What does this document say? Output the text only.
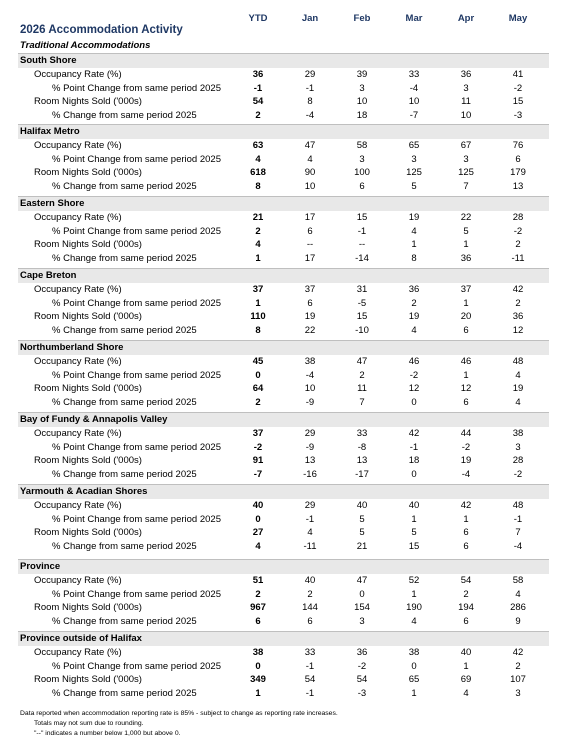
2026 Accommodation Activity
Traditional Accommodations
YTD	Jan	Feb	Mar	Apr	May
South Shore
Occupancy Rate (%)	36	29	39	33	36	41
% Point Change from same period 2025	-1	-1	3	-4	3	-2
Room Nights Sold ('000s)	54	8	10	10	11	15
% Change from same period 2025	2	-4	18	-7	10	-3
Halifax Metro
Occupancy Rate (%)	63	47	58	65	67	76
% Point Change from same period 2025	4	4	3	3	3	6
Room Nights Sold ('000s)	618	90	100	125	125	179
% Change from same period 2025	8	10	6	5	7	13
Eastern Shore
Occupancy Rate (%)	21	17	15	19	22	28
% Point Change from same period 2025	2	6	-1	4	5	-2
Room Nights Sold ('000s)	4	--	--	1	1	2
% Change from same period 2025	1	17	-14	8	36	-11
Cape Breton
Occupancy Rate (%)	37	37	31	36	37	42
% Point Change from same period 2025	1	6	-5	2	1	2
Room Nights Sold ('000s)	110	19	15	19	20	36
% Change from same period 2025	8	22	-10	4	6	12
Northumberland Shore
Occupancy Rate (%)	45	38	47	46	46	48
% Point Change from same period 2025	0	-4	2	-2	1	4
Room Nights Sold ('000s)	64	10	11	12	12	19
% Change from same period 2025	2	-9	7	0	6	4
Bay of Fundy & Annapolis Valley
Occupancy Rate (%)	37	29	33	42	44	38
% Point Change from same period 2025	-2	-9	-8	-1	-2	3
Room Nights Sold ('000s)	91	13	13	18	19	28
% Change from same period 2025	-7	-16	-17	0	-4	-2
Yarmouth & Acadian Shores
Occupancy Rate (%)	40	29	40	40	42	48
% Point Change from same period 2025	0	-1	5	1	1	-1
Room Nights Sold ('000s)	27	4	5	5	6	7
% Change from same period 2025	4	-11	21	15	6	-4
Province
Occupancy Rate (%)	51	40	47	52	54	58
% Point Change from same period 2025	2	2	0	1	2	4
Room Nights Sold ('000s)	967	144	154	190	194	286
% Change from same period 2025	6	6	3	4	6	9
Province outside of Halifax
Occupancy Rate (%)	38	33	36	38	40	42
% Point Change from same period 2025	0	-1	-2	0	1	2
Room Nights Sold ('000s)	349	54	54	65	69	107
% Change from same period 2025	1	-1	-3	1	4	3
Data reported when accommodation reporting rate is 85% - subject to change as reporting rate increases.
Totals may not sum due to rounding.
"--" indicates a number below 1,000 but above 0.
